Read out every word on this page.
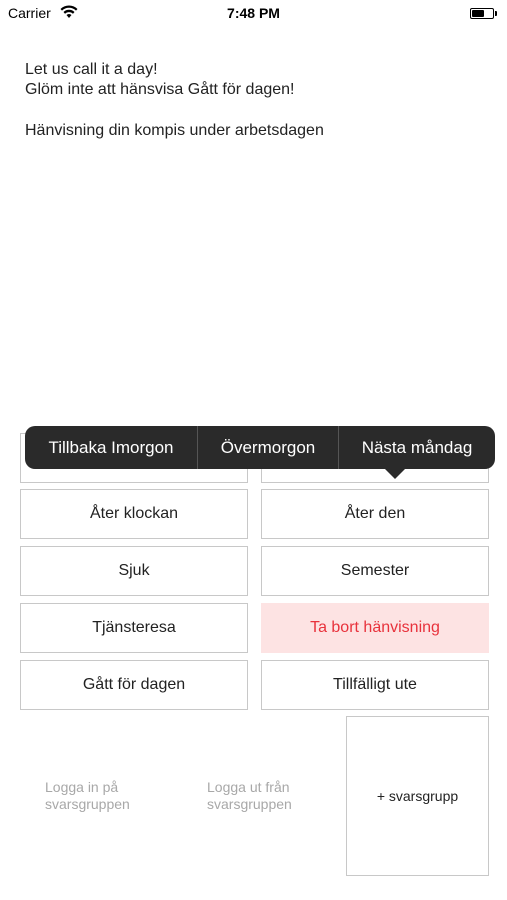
Carrier	7:48 PM
Let us call it a day!
Glöm inte att hänsvisa Gått för dagen!
Hänvisning din kompis under arbetsdagen
Åter klockan	Åter den
Sjuk	Semester
Tjänsteresa	Ta bort hänvisning
Gått för dagen	Tillfälligt ute
Logga in på svarsgruppen
Logga ut från svarsgruppen	+ svarsgrupp
Tillbaka Imorgon	Övermorgon	Nästa måndag
